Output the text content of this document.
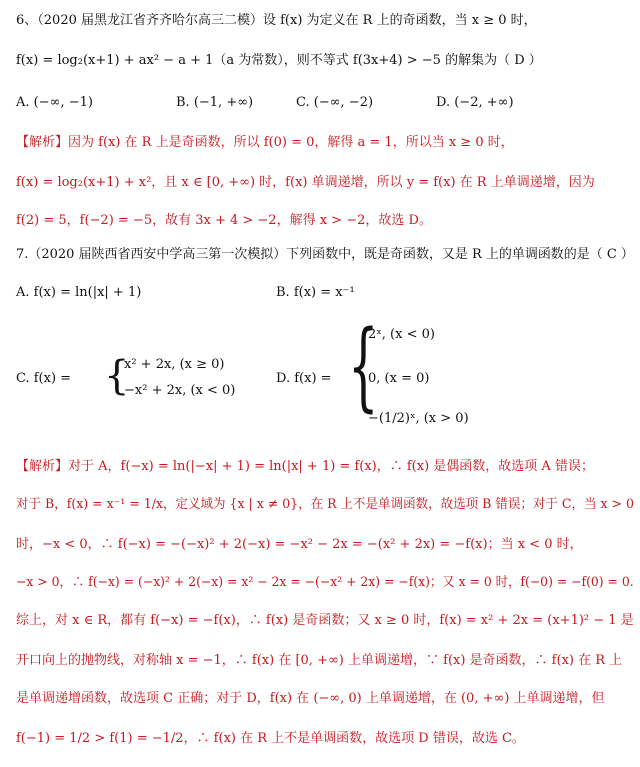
6、（2020 届黑龙江省齐齐哈尔高三二模）设 f(x) 为定义在 R 上的奇函数，当 x ≥ 0 时，
f(x) = log₂(x+1) + ax² − a + 1（a 为常数），则不等式 f(3x+4) > −5 的解集为（ D ）
A. (−∞, −1)	B. (−1, +∞)	C. (−∞, −2)	D. (−2, +∞)
【解析】因为 f(x) 在 R 上是奇函数，所以 f(0) = 0，解得 a = 1，所以当 x ≥ 0 时，
f(x) = log₂(x+1) + x²，且 x ∈ [0, +∞) 时，f(x) 单调递增，所以 y = f(x) 在 R 上单调递增，因为
f(2) = 5，f(−2) = −5，故有 3x + 4 > −2，解得 x > −2，故选 D。
7.（2020 届陕西省西安中学高三第一次模拟）下列函数中，既是奇函数，又是 R 上的单调函数的是（ C ）
A. f(x) = ln(|x| + 1)	B. f(x) = x⁻¹
C. f(x) = {
x² + 2x, (x ≥ 0)
−x² + 2x, (x < 0)
D. f(x) = {
2ˣ, (x < 0)
0, (x = 0)
−(1/2)ˣ, (x > 0)
【解析】对于 A，f(−x) = ln(|−x| + 1) = ln(|x| + 1) = f(x)，∴ f(x) 是偶函数，故选项 A 错误；
对于 B，f(x) = x⁻¹ = 1/x，定义域为 {x | x ≠ 0}，在 R 上不是单调函数，故选项 B 错误；对于 C，当 x > 0
时，−x < 0，∴ f(−x) = −(−x)² + 2(−x) = −x² − 2x = −(x² + 2x) = −f(x)；当 x < 0 时，
−x > 0，∴ f(−x) = (−x)² + 2(−x) = x² − 2x = −(−x² + 2x) = −f(x)；又 x = 0 时，f(−0) = −f(0) = 0.
综上，对 x ∈ R，都有 f(−x) = −f(x)，∴ f(x) 是奇函数；又 x ≥ 0 时，f(x) = x² + 2x = (x+1)² − 1 是
开口向上的抛物线，对称轴 x = −1，∴ f(x) 在 [0, +∞) 上单调递增，∵ f(x) 是奇函数，∴ f(x) 在 R 上
是单调递增函数，故选项 C 正确；对于 D，f(x) 在 (−∞, 0) 上单调递增，在 (0, +∞) 上单调递增，但
f(−1) = 1/2 > f(1) = −1/2，∴ f(x) 在 R 上不是单调函数，故选项 D 错误，故选 C。
